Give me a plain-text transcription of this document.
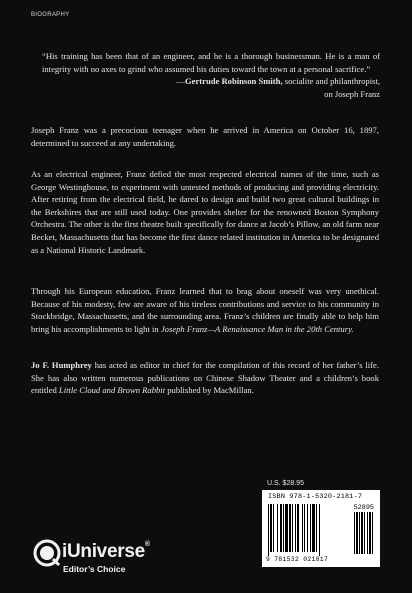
BIOGRAPHY

“His training has been that of an engineer, and he is a thorough businessman. He is a man of integrity with no axes to grind who assumed his duties toward the town at a personal sacrifice.”

—Gertrude Robinson Smith, socialite and philanthropist,
on Joseph Franz

Joseph Franz was a precocious teenager when he arrived in America on October 16, 1897, determined to succeed at any undertaking.

As an electrical engineer, Franz defied the most respected electrical names of the time, such as George Westinghouse, to experiment with untested methods of producing and providing electricity. After retiring from the electrical field, he dared to design and build two great cultural buildings in the Berkshires that are still used today. One provides shelter for the renowned Boston Symphony Orchestra. The other is the first theatre built specifically for dance at Jacob’s Pillow, an old farm near Becket, Massachusetts that has become the first dance related institution in America to be designated as a National Historic Landmark.

Through his European education, Franz learned that to brag about oneself was very unethical. Because of his modesty, few are aware of his tireless contributions and service to his community in Stockbridge, Massachusetts, and the surrounding area. Franz’s children are finally able to help him bring his accomplishments to light in Joseph Franz—A Renaissance Man in the 20th Century.

Jo F. Humphrey has acted as editor in chief for the compilation of this record of her father’s life. She has also written numerous publications on Chinese Shadow Theater and a children’s book entitled Little Cloud and Brown Rabbit published by MacMillan.

U.S. $28.95
ISBN 978-1-5320-2181-7
52895
9 781532 021817
iUniverse®
Editor’s Choice
